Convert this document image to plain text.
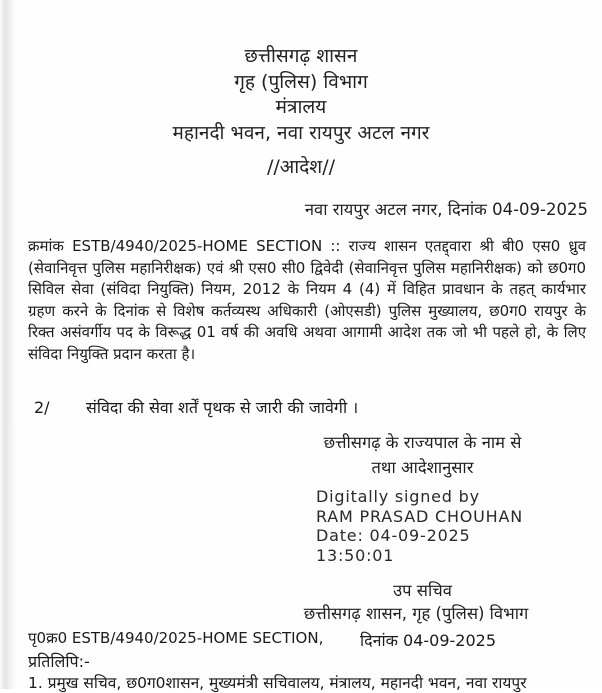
छत्तीसगढ़ शासन
गृह (पुलिस) विभाग
मंत्रालय
महानदी भवन, नवा रायपुर अटल नगर
//आदेश//
नवा रायपुर अटल नगर, दिनांक 04-09-2025
क्रमांक ESTB/4940/2025-HOME SECTION :: राज्य शासन एतद्द्वारा श्री बी0 एस0 ध्रुव (सेवानिवृत्त पुलिस महानिरीक्षक) एवं श्री एस0 सी0 द्विवेदी (सेवानिवृत्त पुलिस महानिरीक्षक) को छ0ग0 सिविल सेवा (संविदा नियुक्ति) नियम, 2012 के नियम 4 (4) में विहित प्रावधान के तहत् कार्यभार ग्रहण करने के दिनांक से विशेष कर्तव्यस्थ अधिकारी (ओएसडी) पुलिस मुख्यालय, छ0ग0 रायपुर के रिक्त असंवर्गीय पद के विरूद्ध 01 वर्ष की अवधि अथवा आगामी आदेश तक जो भी पहले हो, के लिए संविदा नियुक्ति प्रदान करता है।
2/ संविदा की सेवा शर्तें पृथक से जारी की जावेगी ।
छत्तीसगढ़ के राज्यपाल के नाम से
तथा आदेशानुसार
Digitally signed by
RAM PRASAD CHOUHAN
Date: 04-09-2025
13:50:01
उप सचिव
छत्तीसगढ़ शासन, गृह (पुलिस) विभाग
पृ0क्र0 ESTB/4940/2025-HOME SECTION, दिनांक 04-09-2025
प्रतिलिपि:-
1. प्रमुख सचिव, छ0ग0शासन, मुख्यमंत्री सचिवालय, मंत्रालय, महानदी भवन, नवा रायपुर
